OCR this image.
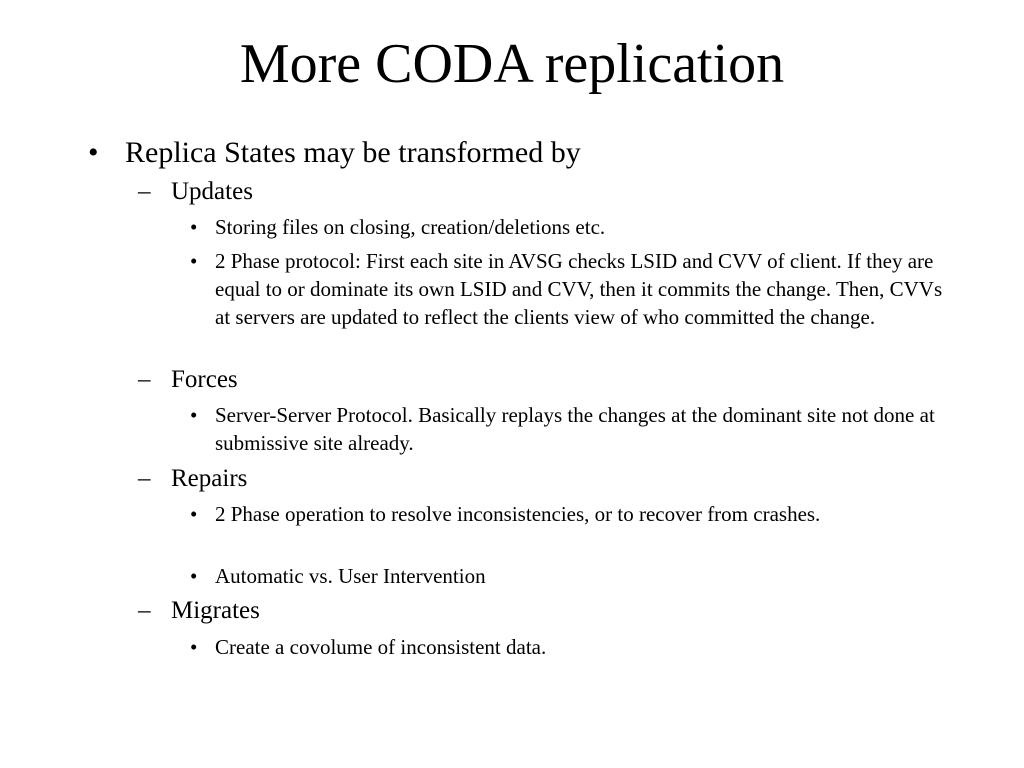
More CODA replication
• Replica States may be transformed by
– Updates
• Storing files on closing, creation/deletions etc.
• 2 Phase protocol: First each site in AVSG checks LSID and CVV of client. If they are equal to or dominate its own LSID and CVV, then it commits the change. Then, CVVs at servers are updated to reflect the clients view of who committed the change.
– Forces
• Server-Server Protocol. Basically replays the changes at the dominant site not done at submissive site already.
– Repairs
• 2 Phase operation to resolve inconsistencies, or to recover from crashes.
• Automatic vs. User Intervention
– Migrates
• Create a covolume of inconsistent data.
